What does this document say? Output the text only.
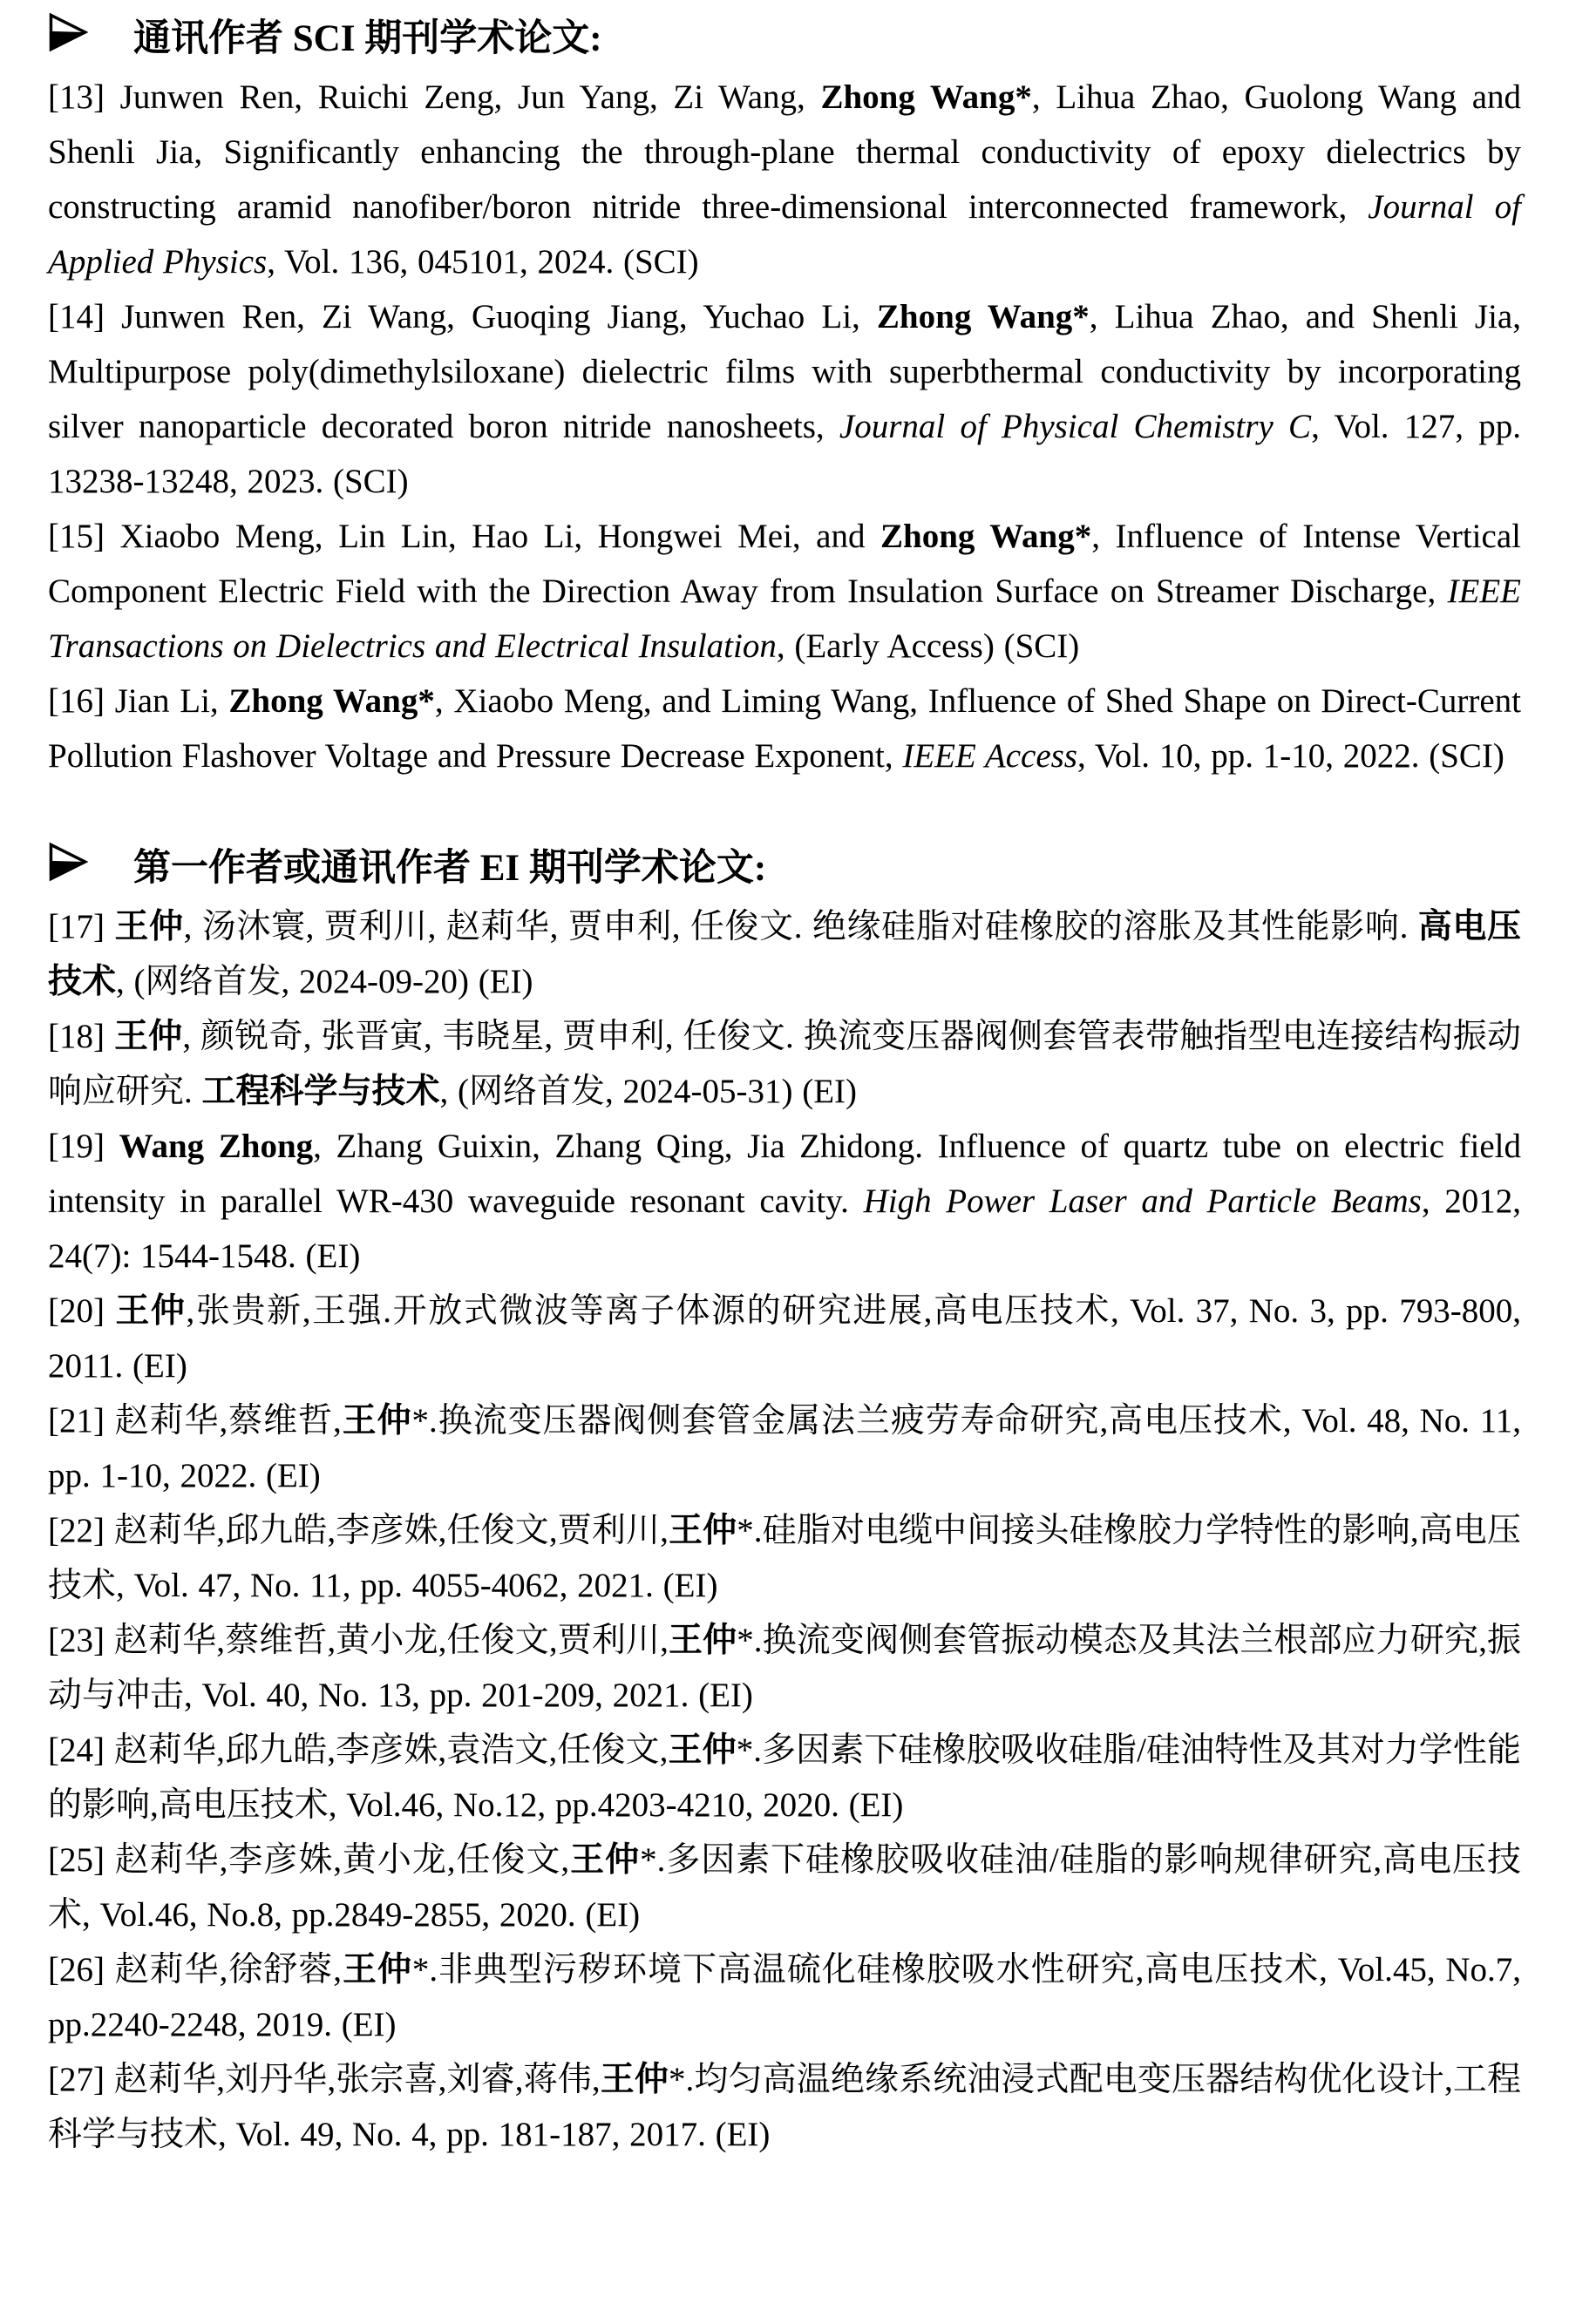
通讯作者 SCI 期刊学术论文:

[13] Junwen Ren, Ruichi Zeng, Jun Yang, Zi Wang, Zhong Wang*, Lihua Zhao, Guolong Wang and Shenli Jia, Significantly enhancing the through-plane thermal conductivity of epoxy dielectrics by constructing aramid nanofiber/boron nitride three-dimensional interconnected framework, Journal of Applied Physics, Vol. 136, 045101, 2024. (SCI)

[14] Junwen Ren, Zi Wang, Guoqing Jiang, Yuchao Li, Zhong Wang*, Lihua Zhao, and Shenli Jia, Multipurpose poly(dimethylsiloxane) dielectric films with superbthermal conductivity by incorporating silver nanoparticle decorated boron nitride nanosheets, Journal of Physical Chemistry C, Vol. 127, pp. 13238-13248, 2023. (SCI)

[15] Xiaobo Meng, Lin Lin, Hao Li, Hongwei Mei, and Zhong Wang*, Influence of Intense Vertical Component Electric Field with the Direction Away from Insulation Surface on Streamer Discharge, IEEE Transactions on Dielectrics and Electrical Insulation, (Early Access) (SCI)

[16] Jian Li, Zhong Wang*, Xiaobo Meng, and Liming Wang, Influence of Shed Shape on Direct-Current Pollution Flashover Voltage and Pressure Decrease Exponent, IEEE Access, Vol. 10, pp. 1-10, 2022. (SCI)

第一作者或通讯作者 EI 期刊学术论文:

[17] 王仲, 汤沐寰, 贾利川, 赵莉华, 贾申利, 任俊文. 绝缘硅脂对硅橡胶的溶胀及其性能影响. 高电压技术, (网络首发, 2024-09-20) (EI)

[18] 王仲, 颜锐奇, 张晋寅, 韦晓星, 贾申利, 任俊文. 换流变压器阀侧套管表带触指型电连接结构振动响应研究. 工程科学与技术, (网络首发, 2024-05-31) (EI)

[19] Wang Zhong, Zhang Guixin, Zhang Qing, Jia Zhidong. Influence of quartz tube on electric field intensity in parallel WR-430 waveguide resonant cavity. High Power Laser and Particle Beams, 2012, 24(7): 1544-1548. (EI)

[20] 王仲,张贵新,王强.开放式微波等离子体源的研究进展,高电压技术, Vol. 37, No. 3, pp. 793-800, 2011. (EI)

[21] 赵莉华,蔡维哲,王仲*.换流变压器阀侧套管金属法兰疲劳寿命研究,高电压技术, Vol. 48, No. 11, pp. 1-10, 2022. (EI)

[22] 赵莉华,邱九皓,李彦姝,任俊文,贾利川,王仲*.硅脂对电缆中间接头硅橡胶力学特性的影响,高电压技术, Vol. 47, No. 11, pp. 4055-4062, 2021. (EI)

[23] 赵莉华,蔡维哲,黄小龙,任俊文,贾利川,王仲*.换流变阀侧套管振动模态及其法兰根部应力研究,振动与冲击, Vol. 40, No. 13, pp. 201-209, 2021. (EI)

[24] 赵莉华,邱九皓,李彦姝,袁浩文,任俊文,王仲*.多因素下硅橡胶吸收硅脂/硅油特性及其对力学性能的影响,高电压技术, Vol.46, No.12, pp.4203-4210, 2020. (EI)

[25] 赵莉华,李彦姝,黄小龙,任俊文,王仲*.多因素下硅橡胶吸收硅油/硅脂的影响规律研究,高电压技术, Vol.46, No.8, pp.2849-2855, 2020. (EI)

[26] 赵莉华,徐舒蓉,王仲*.非典型污秽环境下高温硫化硅橡胶吸水性研究,高电压技术, Vol.45, No.7, pp.2240-2248, 2019. (EI)

[27] 赵莉华,刘丹华,张宗喜,刘睿,蒋伟,王仲*.均匀高温绝缘系统油浸式配电变压器结构优化设计,工程科学与技术, Vol. 49, No. 4, pp. 181-187, 2017. (EI)
